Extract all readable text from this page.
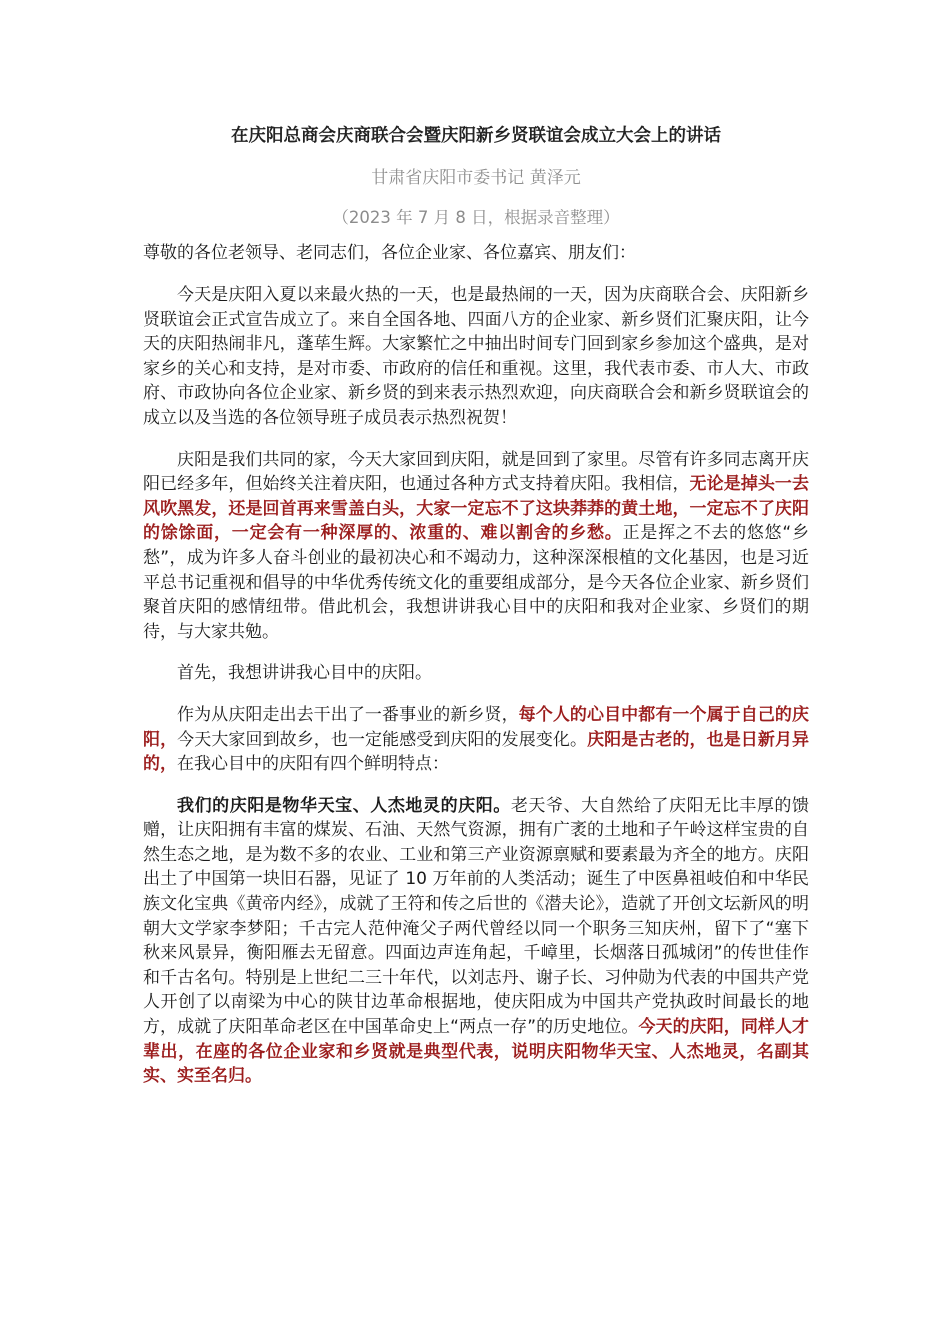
在庆阳总商会庆商联合会暨庆阳新乡贤联谊会成立大会上的讲话
甘肃省庆阳市委书记 黄泽元
（2023 年 7 月 8 日，根据录音整理）
尊敬的各位老领导、老同志们，各位企业家、各位嘉宾、朋友们：

今天是庆阳入夏以来最火热的一天，也是最热闹的一天，因为庆商联合会、庆阳新乡贤联谊会正式宣告成立了。来自全国各地、四面八方的企业家、新乡贤们汇聚庆阳，让今天的庆阳热闹非凡，蓬荜生辉。大家繁忙之中抽出时间专门回到家乡参加这个盛典，是对家乡的关心和支持，是对市委、市政府的信任和重视。这里，我代表市委、市人大、市政府、市政协向各位企业家、新乡贤的到来表示热烈欢迎，向庆商联合会和新乡贤联谊会的成立以及当选的各位领导班子成员表示热烈祝贺！

庆阳是我们共同的家，今天大家回到庆阳，就是回到了家里。尽管有许多同志离开庆阳已经多年，但始终关注着庆阳，也通过各种方式支持着庆阳。我相信，无论是掉头一去风吹黑发，还是回首再来雪盖白头，大家一定忘不了这块莽莽的黄土地，一定忘不了庆阳的馀馀面，一定会有一种深厚的、浓重的、难以割舍的乡愁。正是挥之不去的悠悠“乡愁”，成为许多人奋斗创业的最初决心和不竭动力，这种深深根植的文化基因，也是习近平总书记重视和倡导的中华优秀传统文化的重要组成部分，是今天各位企业家、新乡贤们聚首庆阳的感情纽带。借此机会，我想讲讲我心目中的庆阳和我对企业家、乡贤们的期待，与大家共勉。

首先，我想讲讲我心目中的庆阳。

作为从庆阳走出去干出了一番事业的新乡贤，每个人的心目中都有一个属于自己的庆阳，今天大家回到故乡，也一定能感受到庆阳的发展变化。庆阳是古老的，也是日新月异的，在我心目中的庆阳有四个鲜明特点：

我们的庆阳是物华天宝、人杰地灵的庆阳。老天爷、大自然给了庆阳无比丰厚的馈赠，让庆阳拥有丰富的煤炭、石油、天然气资源，拥有广袤的土地和子午岭这样宝贵的自然生态之地，是为数不多的农业、工业和第三产业资源禀赋和要素最为齐全的地方。庆阳出土了中国第一块旧石器，见证了 10 万年前的人类活动；诞生了中医鼻祖岐伯和中华民族文化宝典《黄帝内经》，成就了王符和传之后世的《潜夫论》，造就了开创文坛新风的明朝大文学家李梦阳；千古完人范仲淹父子两代曾经以同一个职务三知庆州，留下了“塞下秋来风景异，衡阳雁去无留意。四面边声连角起，千嶂里，长烟落日孤城闭”的传世佳作和千古名句。特别是上世纪二三十年代，以刘志丹、谢子长、习仲勋为代表的中国共产党人开创了以南梁为中心的陕甘边革命根据地，使庆阳成为中国共产党执政时间最长的地方，成就了庆阳革命老区在中国革命史上“两点一存”的历史地位。今天的庆阳，同样人才辈出，在座的各位企业家和乡贤就是典型代表，说明庆阳物华天宝、人杰地灵，名副其实、实至名归。
